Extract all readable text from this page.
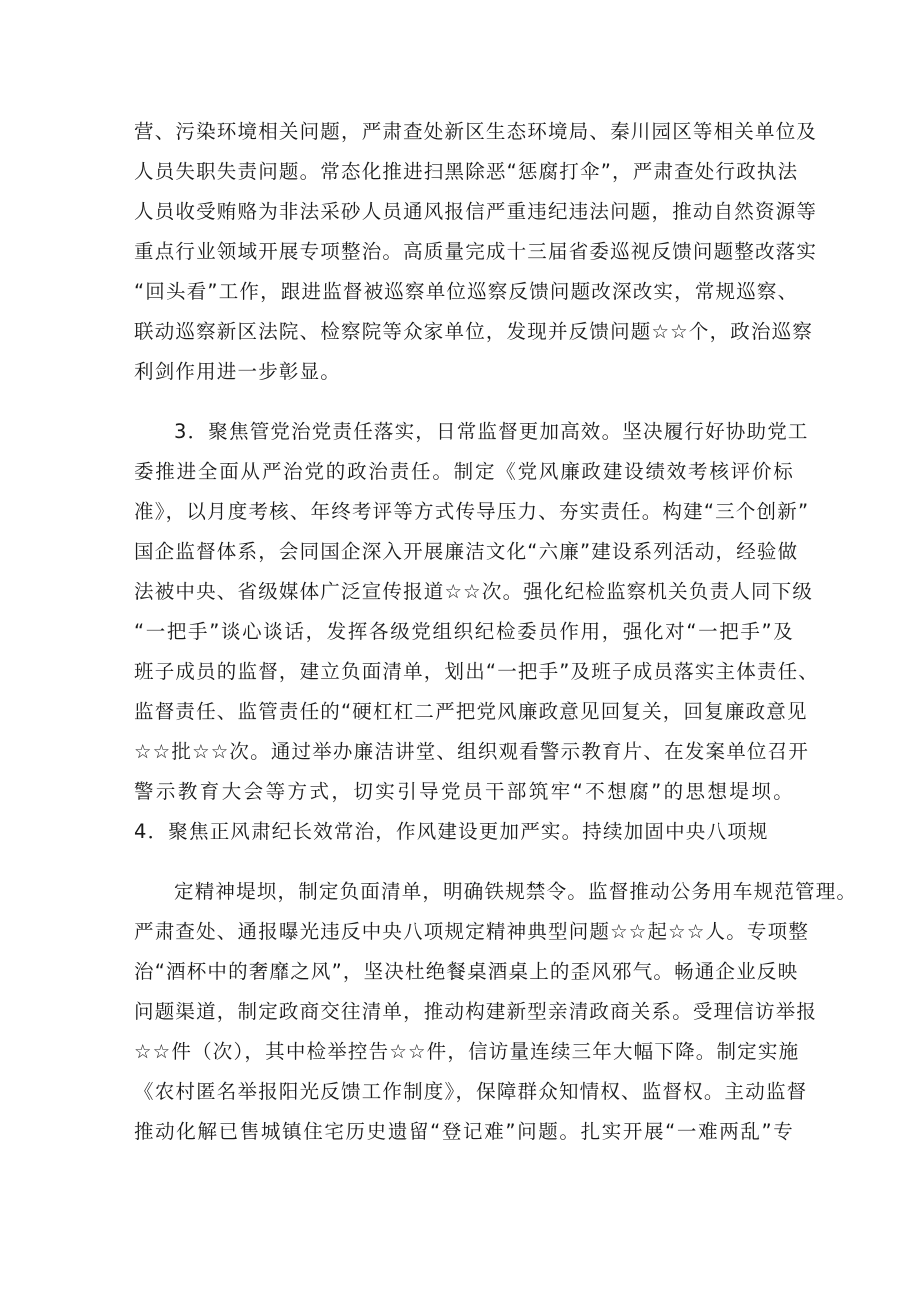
营、污染环境相关问题，严肃查处新区生态环境局、秦川园区等相关单位及
人员失职失责问题。常态化推进扫黑除恶“惩腐打伞”，严肃查处行政执法
人员收受贿赂为非法采砂人员通风报信严重违纪违法问题，推动自然资源等
重点行业领域开展专项整治。高质量完成十三届省委巡视反馈问题整改落实
“回头看”工作，跟进监督被巡察单位巡察反馈问题改深改实，常规巡察、
联动巡察新区法院、检察院等众家单位，发现并反馈问题☆☆个，政治巡察
利剑作用进一步彰显。
3．聚焦管党治党责任落实，日常监督更加高效。坚决履行好协助党工
委推进全面从严治党的政治责任。制定《党风廉政建设绩效考核评价标
准》，以月度考核、年终考评等方式传导压力、夯实责任。构建“三个创新”
国企监督体系，会同国企深入开展廉洁文化“六廉”建设系列活动，经验做
法被中央、省级媒体广泛宣传报道☆☆次。强化纪检监察机关负责人同下级
“一把手”谈心谈话，发挥各级党组织纪检委员作用，强化对“一把手”及
班子成员的监督，建立负面清单，划出“一把手”及班子成员落实主体责任、
监督责任、监管责任的“硬杠杠二严把党风廉政意见回复关，回复廉政意见
☆☆批☆☆次。通过举办廉洁讲堂、组织观看警示教育片、在发案单位召开
警示教育大会等方式，切实引导党员干部筑牢“不想腐”的思想堤坝。
4．聚焦正风肃纪长效常治，作风建设更加严实。持续加固中央八项规
定精神堤坝，制定负面清单，明确铁规禁令。监督推动公务用车规范管理。
严肃查处、通报曝光违反中央八项规定精神典型问题☆☆起☆☆人。专项整
治“酒杯中的奢靡之风”，坚决杜绝餐桌酒桌上的歪风邪气。畅通企业反映
问题渠道，制定政商交往清单，推动构建新型亲清政商关系。受理信访举报
☆☆件（次），其中检举控告☆☆件，信访量连续三年大幅下降。制定实施
《农村匿名举报阳光反馈工作制度》，保障群众知情权、监督权。主动监督
推动化解已售城镇住宅历史遗留“登记难”问题。扎实开展“一难两乱”专
